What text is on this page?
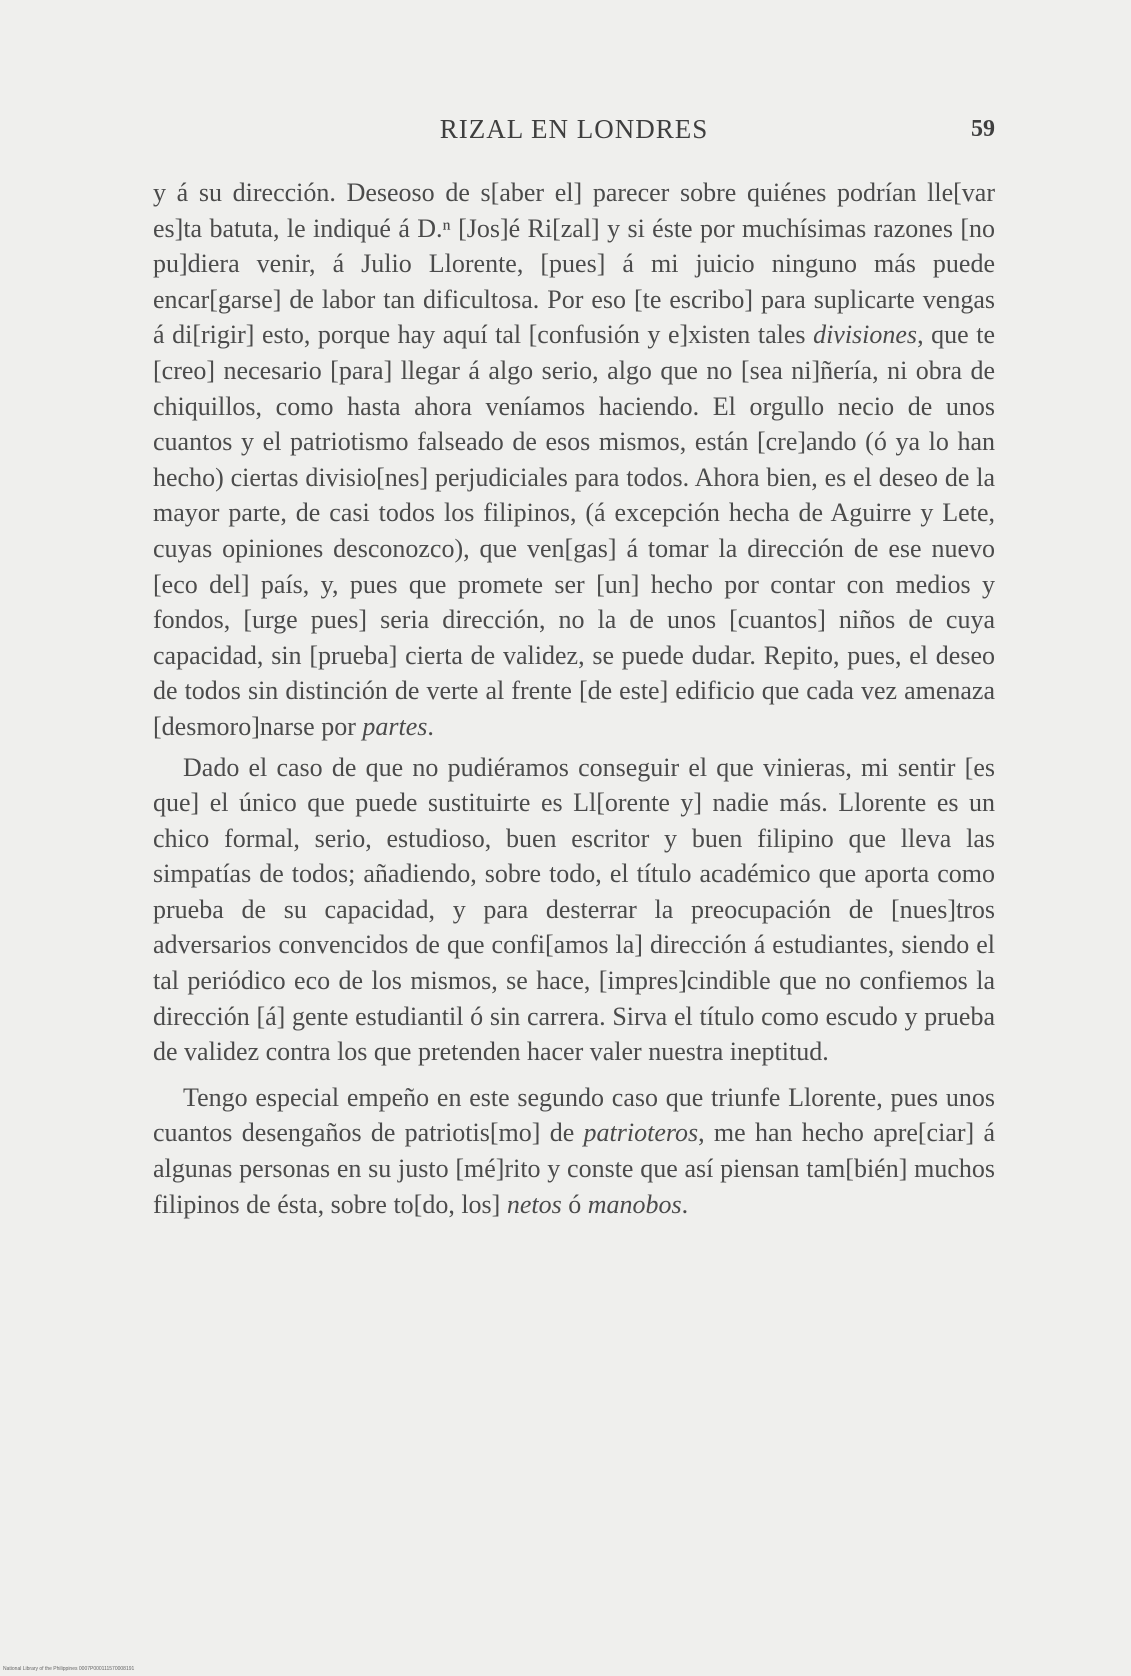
RIZAL EN LONDRES	59

y á su dirección. Deseoso de s[aber el] parecer sobre quiénes podrían lle[var es]ta batuta, le indiqué á D.ⁿ [Jos]é Ri[zal] y si éste por muchísimas razones [no pu]diera venir, á Julio Llorente, [pues] á mi juicio ninguno más puede encar[garse] de labor tan dificultosa. Por eso [te escribo] para suplicarte vengas á di[rigir] esto, porque hay aquí tal [confusión y e]xisten tales divisiones, que te [creo] necesario [para] llegar á algo serio, algo que no [sea ni]ñería, ni obra de chiquillos, como hasta ahora veníamos haciendo. El orgullo necio de unos cuantos y el patriotismo falseado de esos mismos, están [cre]ando (ó ya lo han hecho) ciertas divisio[nes] perjudiciales para todos. Ahora bien, es el deseo de la mayor parte, de casi todos los filipinos, (á excepción hecha de Aguirre y Lete, cuyas opiniones desconozco), que ven[gas] á tomar la dirección de ese nuevo [eco del] país, y, pues que promete ser [un] hecho por contar con medios y fondos, [urge pues] seria dirección, no la de unos [cuantos] niños de cuya capacidad, sin [prueba] cierta de validez, se puede dudar. Repito, pues, el deseo de todos sin distinción de verte al frente [de este] edificio que cada vez amenaza [desmoro]narse por partes.

Dado el caso de que no pudiéramos conseguir el que vinieras, mi sentir [es que] el único que puede sustituirte es Ll[orente y] nadie más. Llorente es un chico formal, serio, estudioso, buen escritor y buen filipino que lleva las simpatías de todos; añadiendo, sobre todo, el título académico que aporta como prueba de su capacidad, y para desterrar la preocupación de [nues]tros adversarios convencidos de que confi[amos la] dirección á estudiantes, siendo el tal periódico eco de los mismos, se hace, [impres]cindible que no confiemos la dirección [á] gente estudiantil ó sin carrera. Sirva el título como escudo y prueba de validez contra los que pretenden hacer valer nuestra ineptitud.

Tengo especial empeño en este segundo caso que triunfe Llorente, pues unos cuantos desengaños de patriotis[mo] de patrioteros, me han hecho apre[ciar] á algunas personas en su justo [mé]rito y conste que así piensan tam[bién] muchos filipinos de ésta, sobre to[do, los] netos ó manobos.

National Library of the Philippines 0007P000111570008191
